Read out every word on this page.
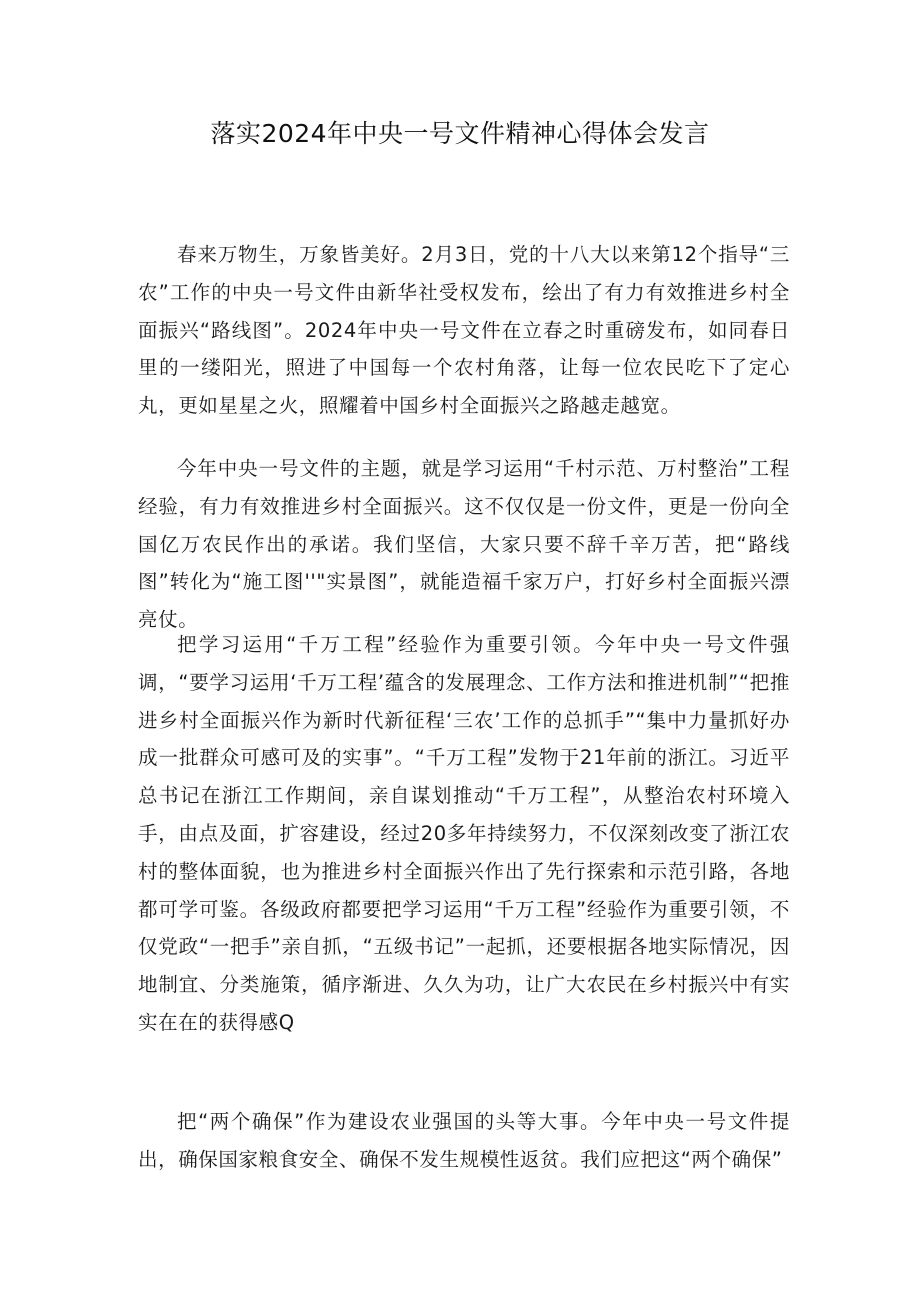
落实2024年中央一号文件精神心得体会发言

春来万物生，万象皆美好。2月3日，党的十八大以来第12个指导“三农”工作的中央一号文件由新华社受权发布，绘出了有力有效推进乡村全面振兴“路线图”。2024年中央一号文件在立春之时重磅发布，如同春日里的一缕阳光，照进了中国每一个农村角落，让每一位农民吃下了定心丸，更如星星之火，照耀着中国乡村全面振兴之路越走越宽。

今年中央一号文件的主题，就是学习运用“千村示范、万村整治”工程经验，有力有效推进乡村全面振兴。这不仅仅是一份文件，更是一份向全国亿万农民作出的承诺。我们坚信，大家只要不辞千辛万苦，把“路线图”转化为“施工图''"实景图”，就能造福千家万户，打好乡村全面振兴漂亮仗。

把学习运用“千万工程”经验作为重要引领。今年中央一号文件强调，“要学习运用‘千万工程’蕴含的发展理念、工作方法和推进机制”“把推进乡村全面振兴作为新时代新征程‘三农’工作的总抓手”“集中力量抓好办成一批群众可感可及的实事”。“千万工程”发物于21年前的浙江。习近平总书记在浙江工作期间，亲自谋划推动“千万工程”，从整治农村环境入手，由点及面，扩容建设，经过20多年持续努力，不仅深刻改变了浙江农村的整体面貌，也为推进乡村全面振兴作出了先行探索和示范引路，各地都可学可鉴。各级政府都要把学习运用“千万工程”经验作为重要引领，不仅党政“一把手”亲自抓，“五级书记”一起抓，还要根据各地实际情况，因地制宜、分类施策，循序渐进、久久为功，让广大农民在乡村振兴中有实实在在的获得感Q

把“两个确保”作为建设农业强国的头等大事。今年中央一号文件提出，确保国家粮食安全、确保不发生规模性返贫。我们应把这“两个确保”
